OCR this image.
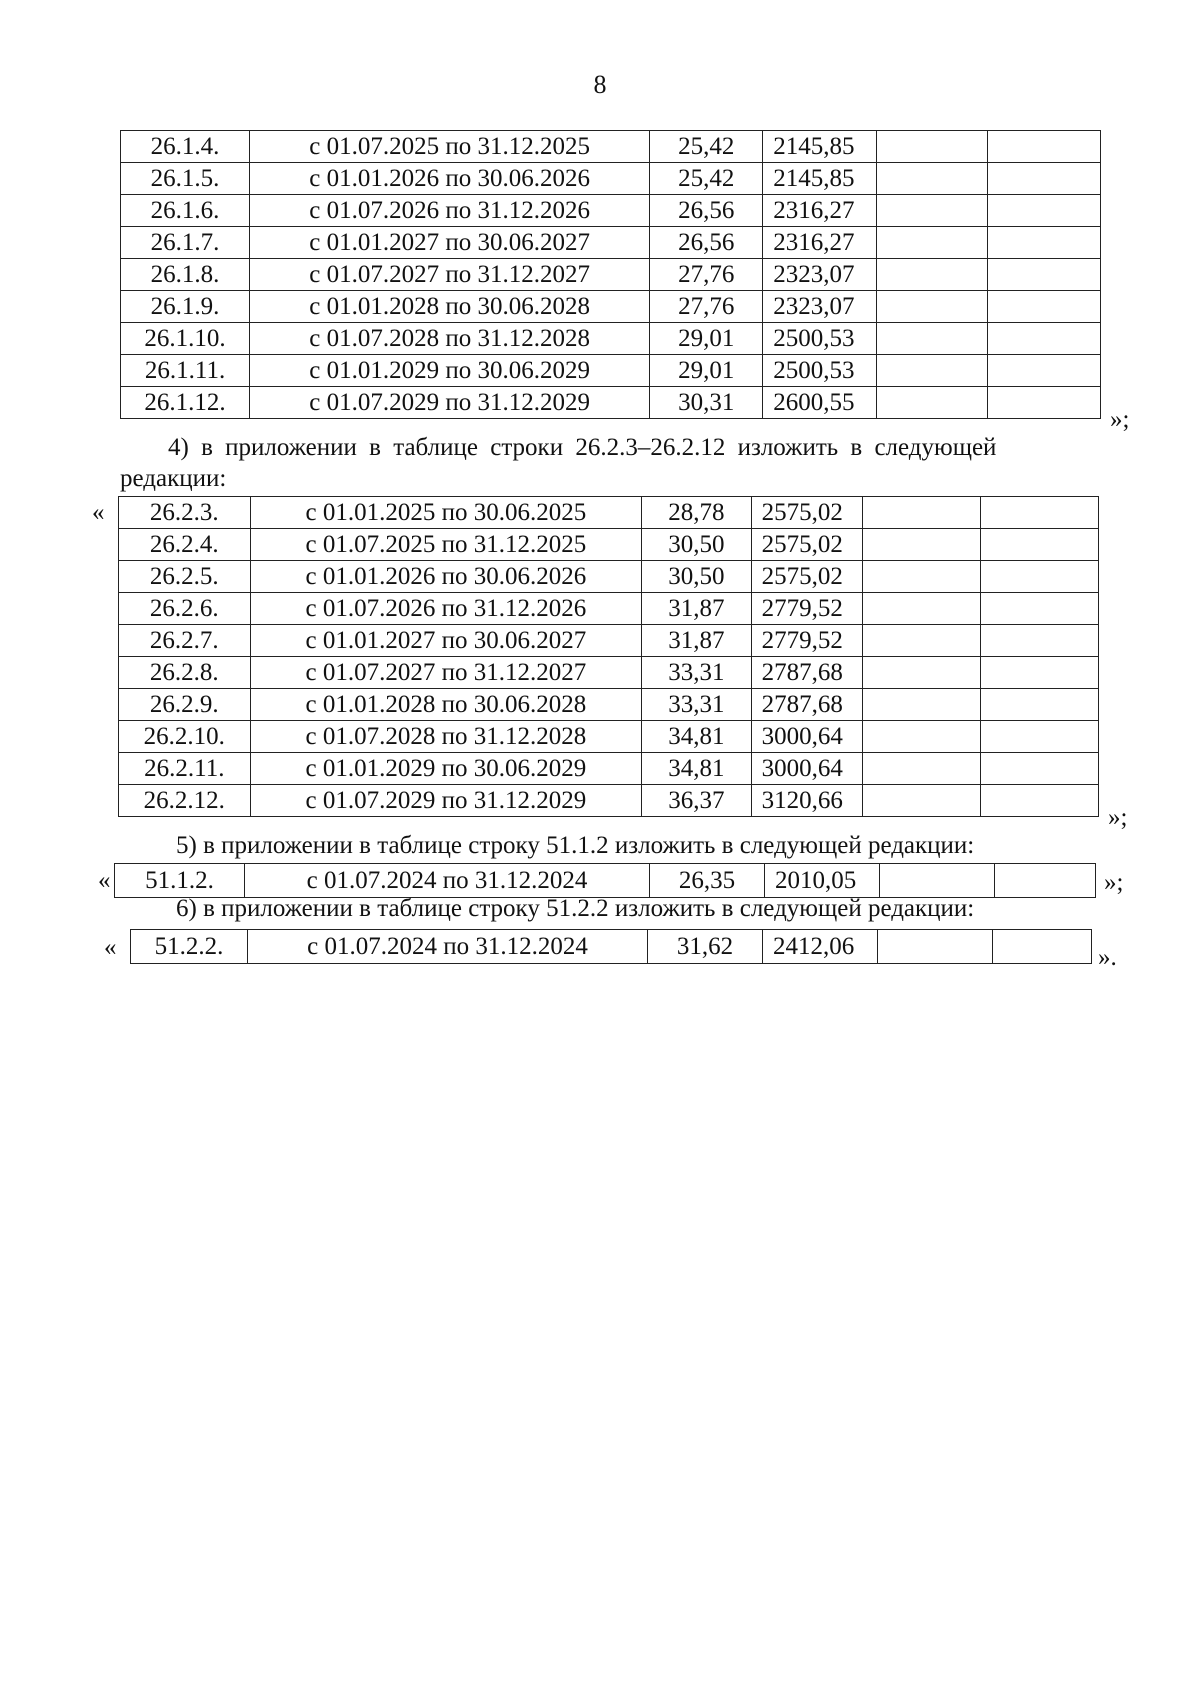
8
26.1.4.	с 01.07.2025 по 31.12.2025	25,42	2145,85		
26.1.5.	с 01.01.2026 по 30.06.2026	25,42	2145,85		
26.1.6.	с 01.07.2026 по 31.12.2026	26,56	2316,27		
26.1.7.	с 01.01.2027 по 30.06.2027	26,56	2316,27		
26.1.8.	с 01.07.2027 по 31.12.2027	27,76	2323,07		
26.1.9.	с 01.01.2028 по 30.06.2028	27,76	2323,07		
26.1.10.	с 01.07.2028 по 31.12.2028	29,01	2500,53		
26.1.11.	с 01.01.2029 по 30.06.2029	29,01	2500,53		
26.1.12.	с 01.07.2029 по 31.12.2029	30,31	2600,55		
»;
4) в приложении в таблице строки 26.2.3–26.2.12 изложить в следующей
редакции:
« 26.2.3.	с 01.01.2025 по 30.06.2025	28,78	2575,02		
26.2.4.	с 01.07.2025 по 31.12.2025	30,50	2575,02		
26.2.5.	с 01.01.2026 по 30.06.2026	30,50	2575,02		
26.2.6.	с 01.07.2026 по 31.12.2026	31,87	2779,52		
26.2.7.	с 01.01.2027 по 30.06.2027	31,87	2779,52		
26.2.8.	с 01.07.2027 по 31.12.2027	33,31	2787,68		
26.2.9.	с 01.01.2028 по 30.06.2028	33,31	2787,68		
26.2.10.	с 01.07.2028 по 31.12.2028	34,81	3000,64		
26.2.11.	с 01.01.2029 по 30.06.2029	34,81	3000,64		
26.2.12.	с 01.07.2029 по 31.12.2029	36,37	3120,66		
»;
5) в приложении в таблице строку 51.1.2 изложить в следующей редакции:
« 51.1.2.	с 01.07.2024 по 31.12.2024	26,35	2010,05			»;
6) в приложении в таблице строку 51.2.2 изложить в следующей редакции:
« 51.2.2.	с 01.07.2024 по 31.12.2024	31,62	2412,06			».
